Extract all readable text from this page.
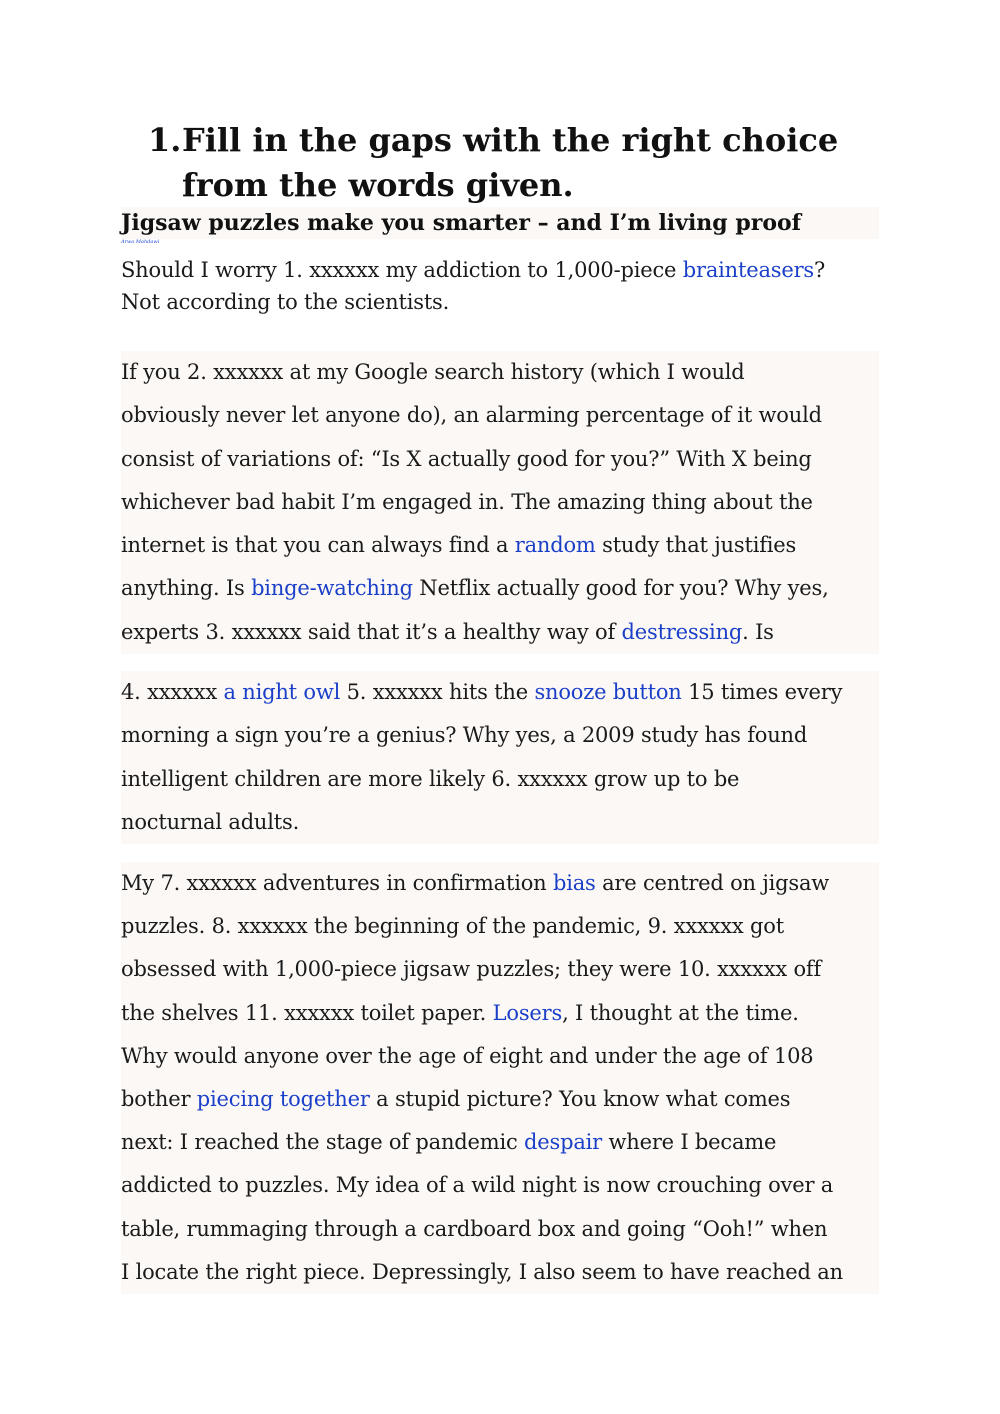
1. Fill in the gaps with the right choice
from the words given.
Jigsaw puzzles make you smarter – and I’m living proof
Arwa Mahdawi
Should I worry 1. xxxxxx my addiction to 1,000-piece brainteasers?
Not according to the scientists.
If you 2. xxxxxx at my Google search history (which I would
obviously never let anyone do), an alarming percentage of it would
consist of variations of: “Is X actually good for you?” With X being
whichever bad habit I’m engaged in. The amazing thing about the
internet is that you can always find a random study that justifies
anything. Is binge-watching Netflix actually good for you? Why yes,
experts 3. xxxxxx said that it’s a healthy way of destressing. Is
4. xxxxxx a night owl 5. xxxxxx hits the snooze button 15 times every
morning a sign you’re a genius? Why yes, a 2009 study has found
intelligent children are more likely 6. xxxxxx grow up to be
nocturnal adults.
My 7. xxxxxx adventures in confirmation bias are centred on jigsaw
puzzles. 8. xxxxxx the beginning of the pandemic, 9. xxxxxx got
obsessed with 1,000-piece jigsaw puzzles; they were 10. xxxxxx off
the shelves 11. xxxxxx toilet paper. Losers, I thought at the time.
Why would anyone over the age of eight and under the age of 108
bother piecing together a stupid picture? You know what comes
next: I reached the stage of pandemic despair where I became
addicted to puzzles. My idea of a wild night is now crouching over a
table, rummaging through a cardboard box and going “Ooh!” when
I locate the right piece. Depressingly, I also seem to have reached an
